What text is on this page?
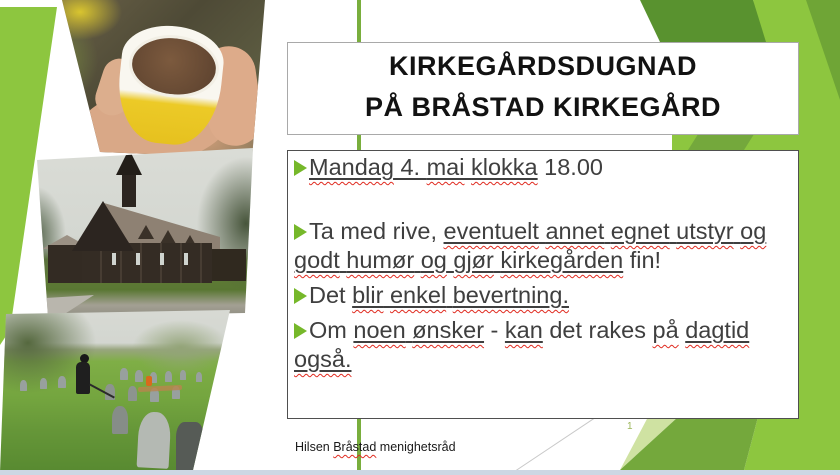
KIRKEGÅRDSDUGNAD
PÅ BRÅSTAD KIRKEGÅRD

Mandag 4. mai klokka 18.00

Ta med rive, eventuelt annet egnet utstyr og godt humør og gjør kirkegården fin!

Det blir enkel bevertning.

Om noen ønsker - kan det rakes på dagtid også.

Hilsen Bråstad menighetsråd
1
